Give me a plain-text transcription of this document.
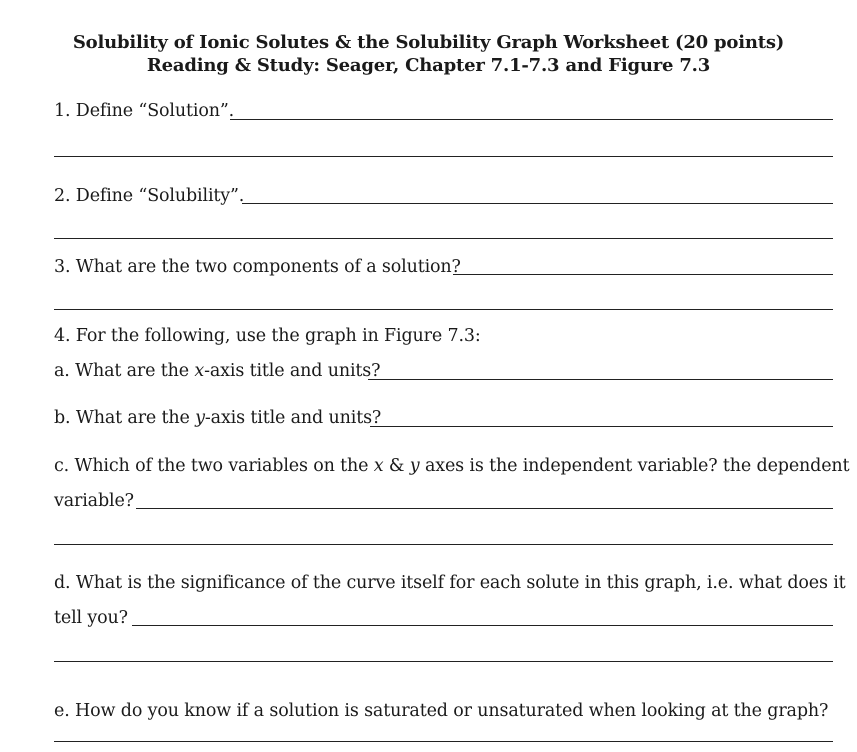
Solubility of Ionic Solutes & the Solubility Graph Worksheet (20 points)
Reading & Study: Seager, Chapter 7.1-7.3 and Figure 7.3
1. Define “Solution”.
2. Define “Solubility”.
3. What are the two components of a solution?
4. For the following, use the graph in Figure 7.3:
a. What are the x-axis title and units?
b. What are the y-axis title and units?
c. Which of the two variables on the x & y axes is the independent variable? the dependent
variable?
d. What is the significance of the curve itself for each solute in this graph, i.e. what does it
tell you?
e. How do you know if a solution is saturated or unsaturated when looking at the graph?
